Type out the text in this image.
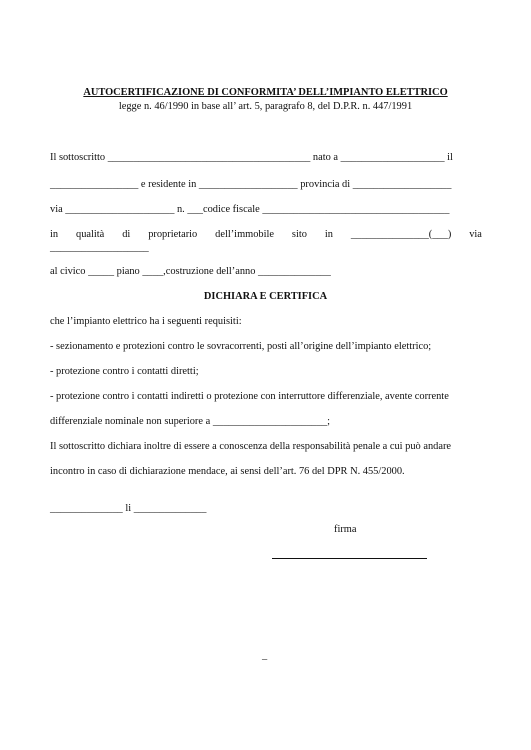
AUTOCERTIFICAZIONE DI CONFORMITA’ DELL’IMPIANTO ELETTRICO
legge n. 46/1990 in base all’ art. 5, paragrafo 8, del D.P.R. n. 447/1991
Il sottoscritto _______________________________________ nato a ____________________ il
_________________ e residente in ___________________ provincia di ___________________
via _____________________ n. ___codice fiscale ____________________________________
in qualità di proprietario dell’immobile sito in _______________(___) via
___________________
al civico _____ piano ____,costruzione dell’anno ______________
DICHIARA E CERTIFICA
che l’impianto elettrico ha i seguenti requisiti:
- sezionamento e protezioni contro le sovracorrenti, posti all’origine dell’impianto elettrico;
- protezione contro i contatti diretti;
- protezione contro i contatti indiretti o protezione con interruttore differenziale, avente corrente
differenziale nominale non superiore a ______________________;
Il sottoscritto dichiara inoltre di essere a conoscenza della responsabilità penale a cui può andare
incontro in caso di dichiarazione mendace, ai sensi dell’art. 76 del DPR N. 455/2000.
______________ li ______________
firma
–
